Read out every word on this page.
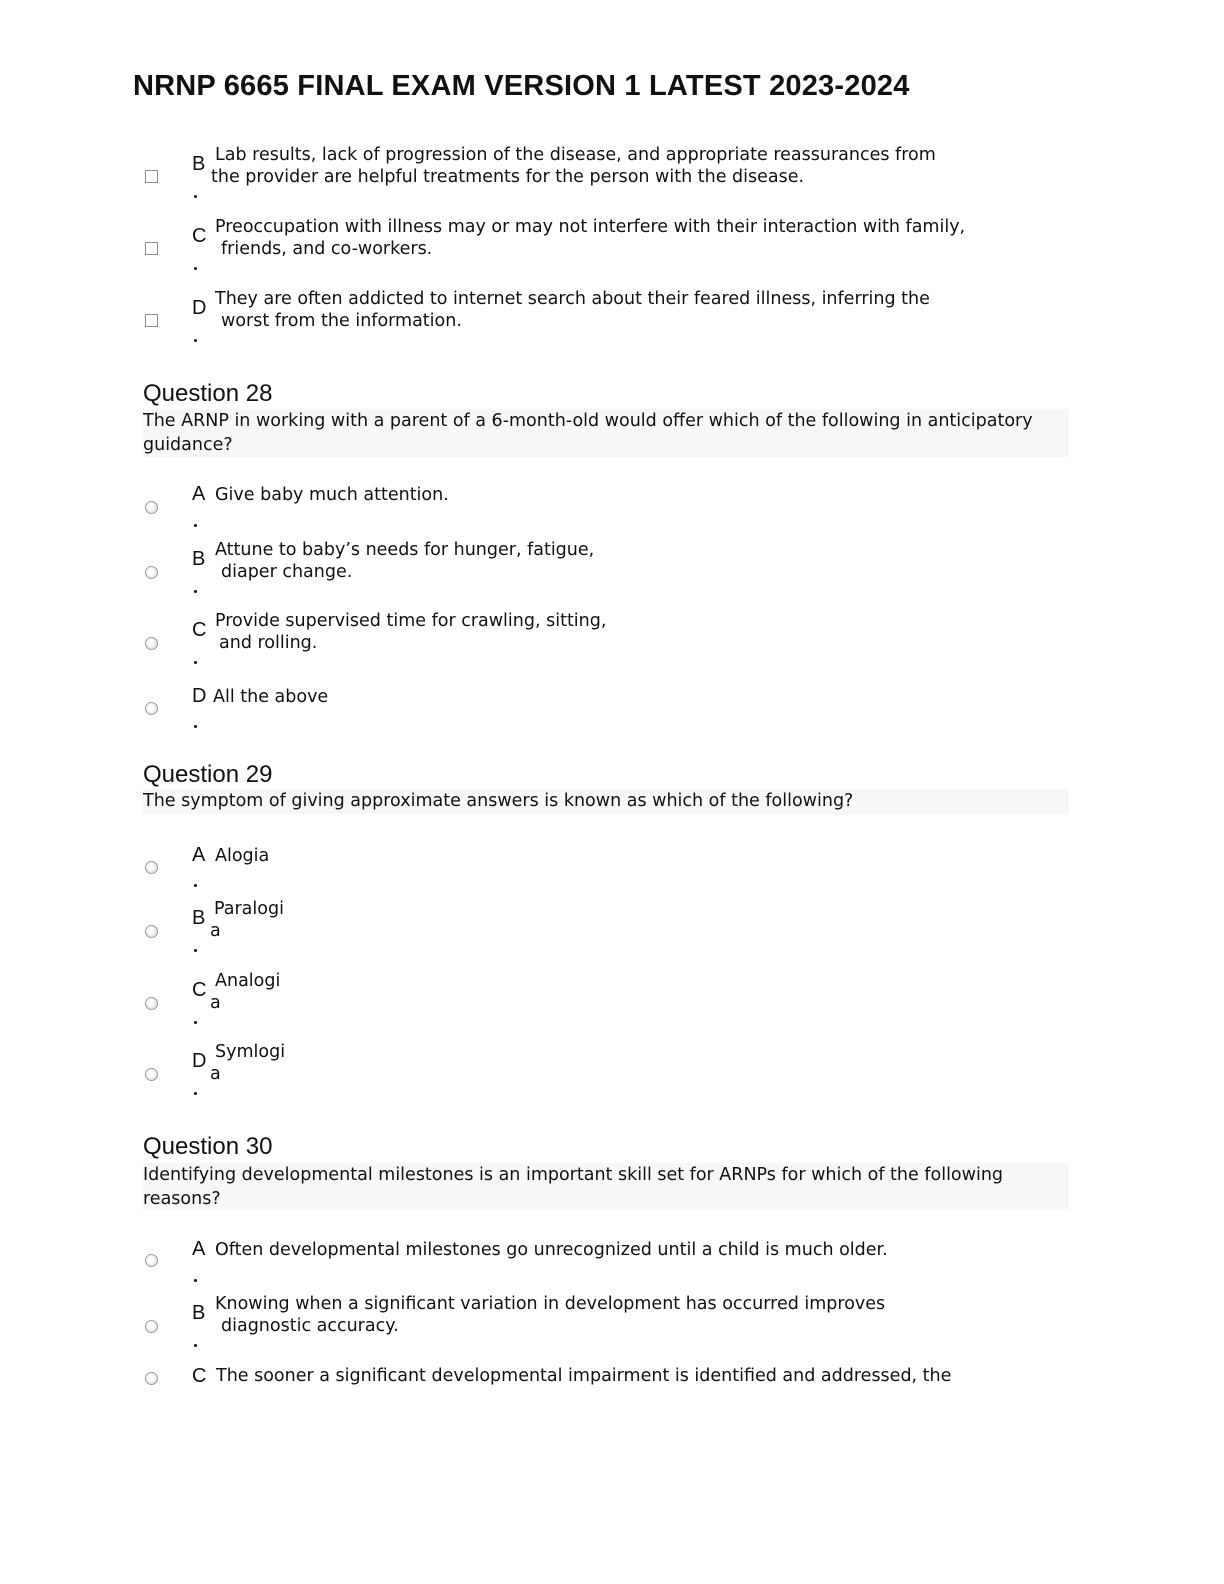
NRNP 6665 FINAL EXAM VERSION 1 LATEST 2023-2024
B Lab results, lack of progression of the disease, and appropriate reassurances from
the provider are helpful treatments for the person with the disease.
C Preoccupation with illness may or may not interfere with their interaction with family,
friends, and co-workers.
D They are often addicted to internet search about their feared illness, inferring the
worst from the information.
Question 28
The ARNP in working with a parent of a 6-month-old would offer which of the following in anticipatory guidance?
A Give baby much attention.
B Attune to baby’s needs for hunger, fatigue,
diaper change.
C Provide supervised time for crawling, sitting,
and rolling.
D All the above
Question 29
The symptom of giving approximate answers is known as which of the following?
A Alogia
B Paralogi
a
C Analogi
a
D Symlogi
a
Question 30
Identifying developmental milestones is an important skill set for ARNPs for which of the following reasons?
A Often developmental milestones go unrecognized until a child is much older.
B Knowing when a significant variation in development has occurred improves
diagnostic accuracy.
C The sooner a significant developmental impairment is identified and addressed, the
